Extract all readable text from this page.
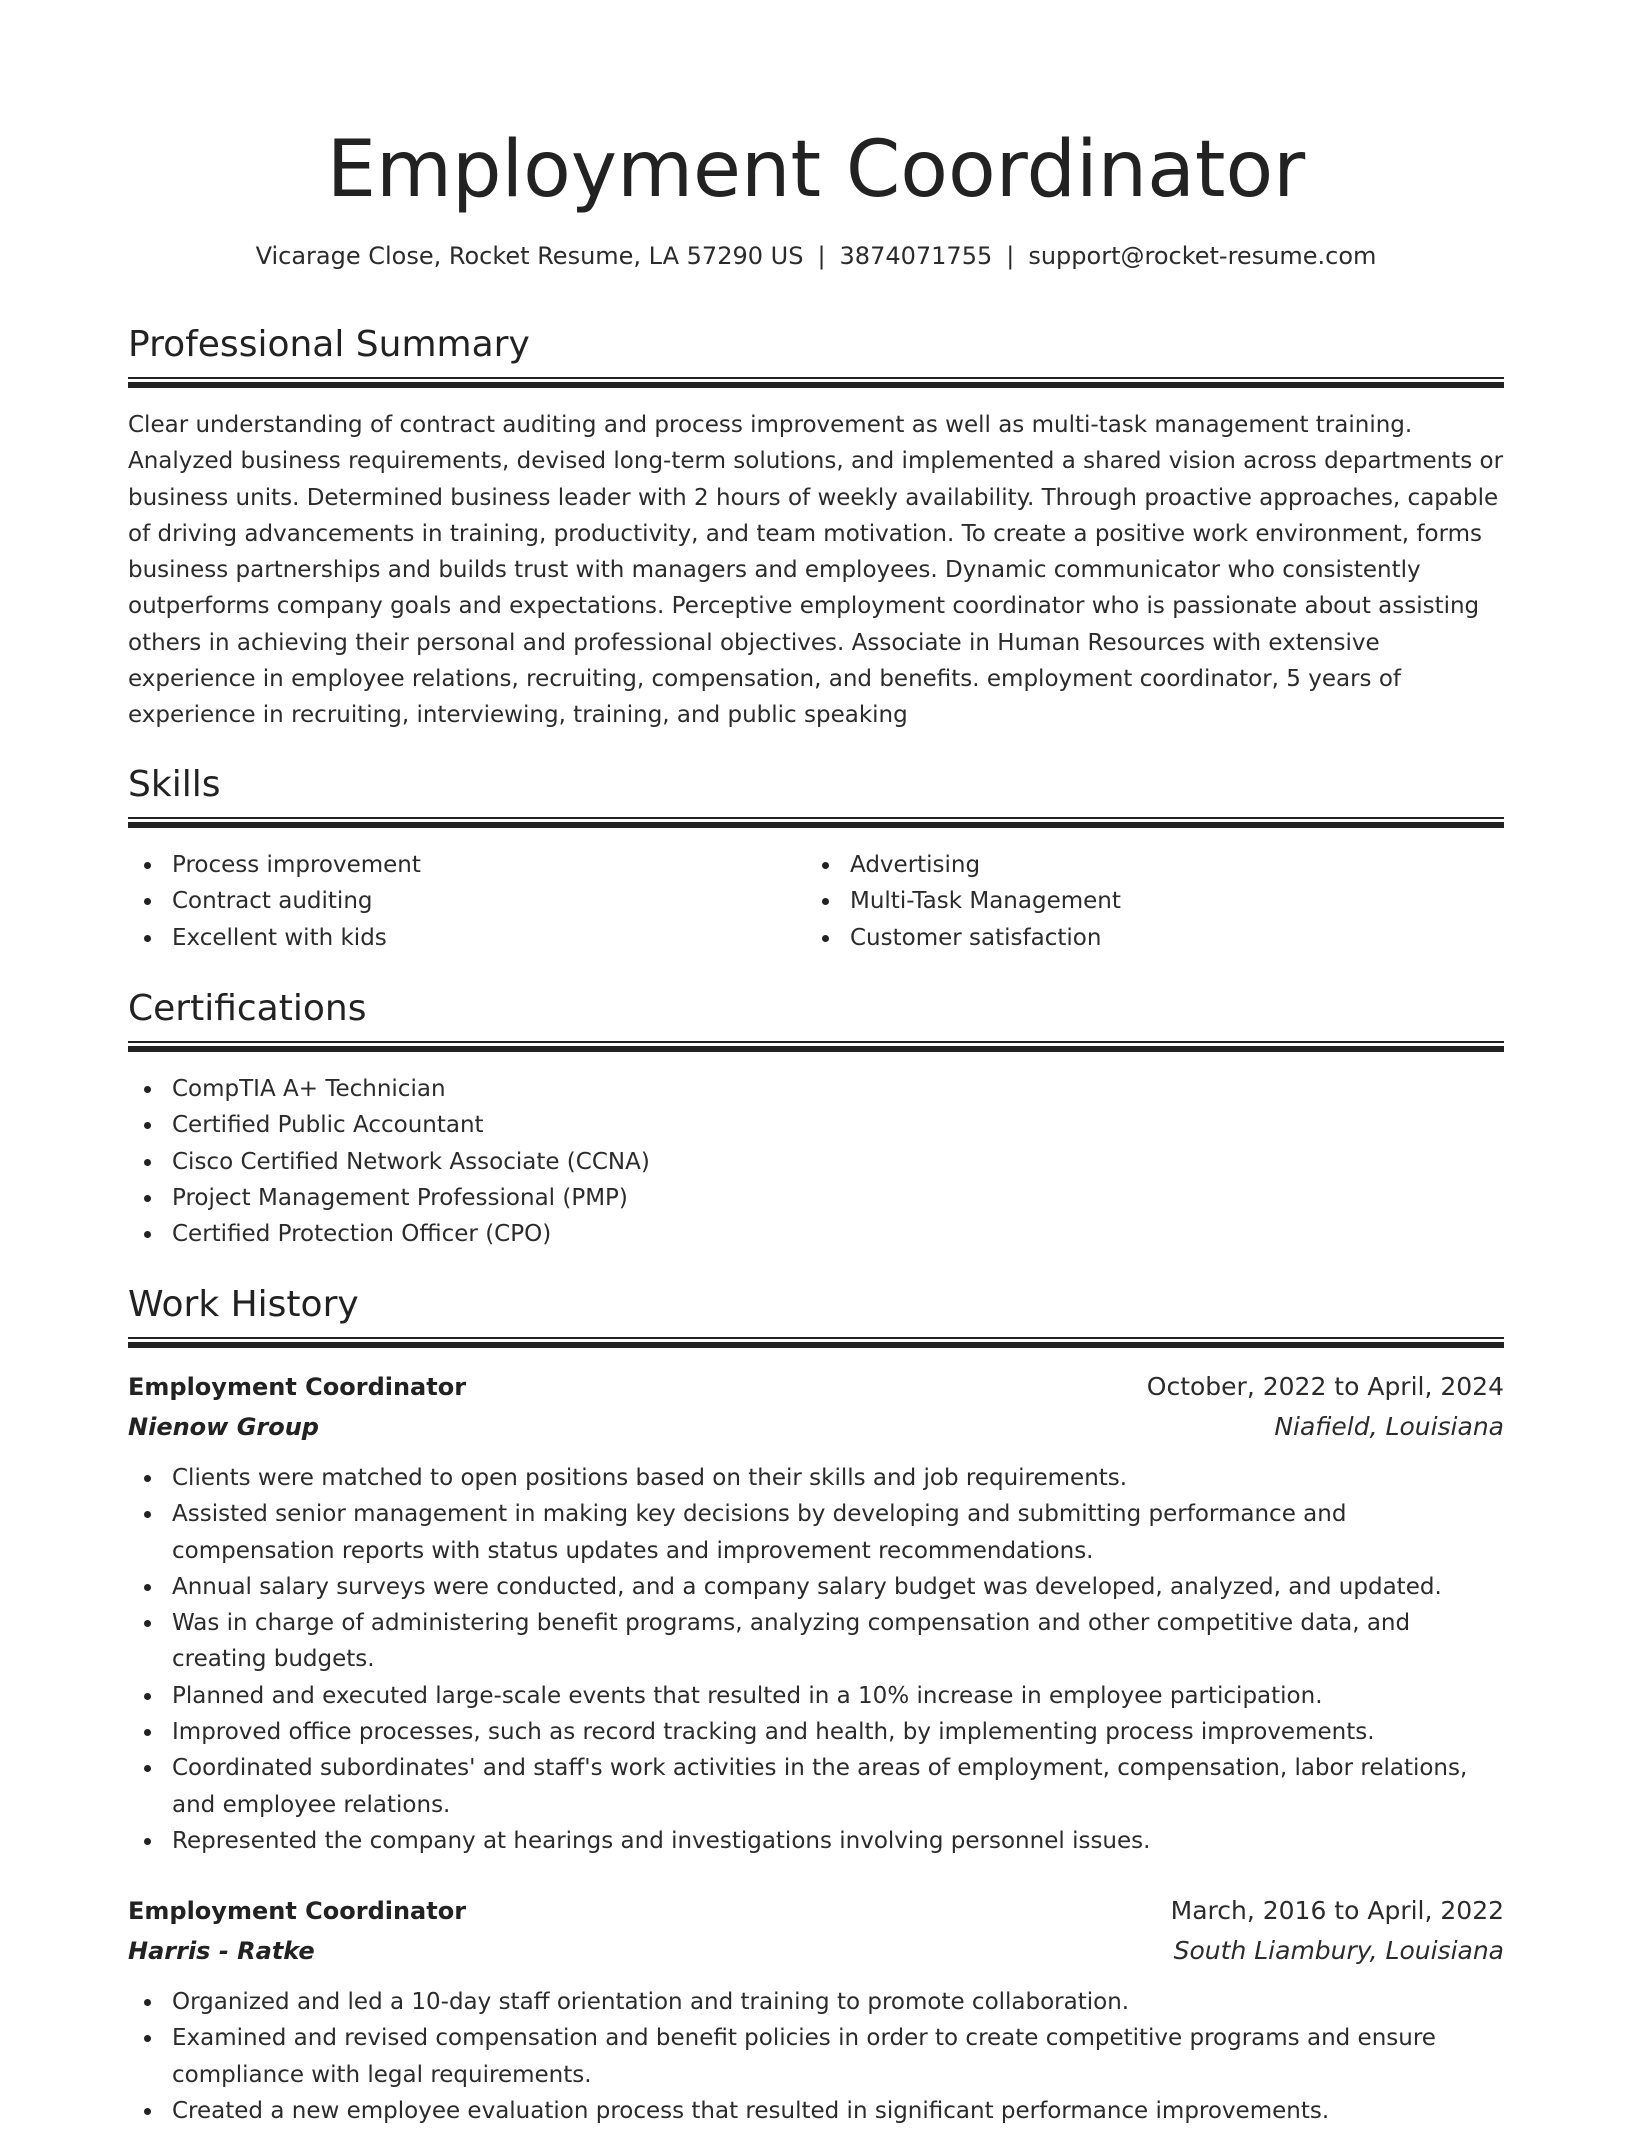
Employment Coordinator
Vicarage Close, Rocket Resume, LA 57290 US | 3874071755 | support@rocket-resume.com
Professional Summary

Clear understanding of contract auditing and process improvement as well as multi-task management training. Analyzed business requirements, devised long-term solutions, and implemented a shared vision across departments or business units. Determined business leader with 2 hours of weekly availability. Through proactive approaches, capable of driving advancements in training, productivity, and team motivation. To create a positive work environment, forms business partnerships and builds trust with managers and employees. Dynamic communicator who consistently outperforms company goals and expectations. Perceptive employment coordinator who is passionate about assisting others in achieving their personal and professional objectives. Associate in Human Resources with extensive experience in employee relations, recruiting, compensation, and benefits. employment coordinator, 5 years of experience in recruiting, interviewing, training, and public speaking

Skills
Process improvement
Contract auditing
Excellent with kids
Advertising
Multi-Task Management
Customer satisfaction
Certifications
CompTIA A+ Technician
Certified Public Accountant
Cisco Certified Network Associate (CCNA)
Project Management Professional (PMP)
Certified Protection Officer (CPO)
Work History
Employment Coordinator	October, 2022 to April, 2024
Nienow Group	Niafield, Louisiana
Clients were matched to open positions based on their skills and job requirements.
Assisted senior management in making key decisions by developing and submitting performance and compensation reports with status updates and improvement recommendations.
Annual salary surveys were conducted, and a company salary budget was developed, analyzed, and updated.
Was in charge of administering benefit programs, analyzing compensation and other competitive data, and creating budgets.
Planned and executed large-scale events that resulted in a 10% increase in employee participation.
Improved office processes, such as record tracking and health, by implementing process improvements.
Coordinated subordinates' and staff's work activities in the areas of employment, compensation, labor relations, and employee relations.
Represented the company at hearings and investigations involving personnel issues.
Employment Coordinator	March, 2016 to April, 2022
Harris - Ratke	South Liambury, Louisiana
Organized and led a 10-day staff orientation and training to promote collaboration.
Examined and revised compensation and benefit policies in order to create competitive programs and ensure compliance with legal requirements.
Created a new employee evaluation process that resulted in significant performance improvements.
